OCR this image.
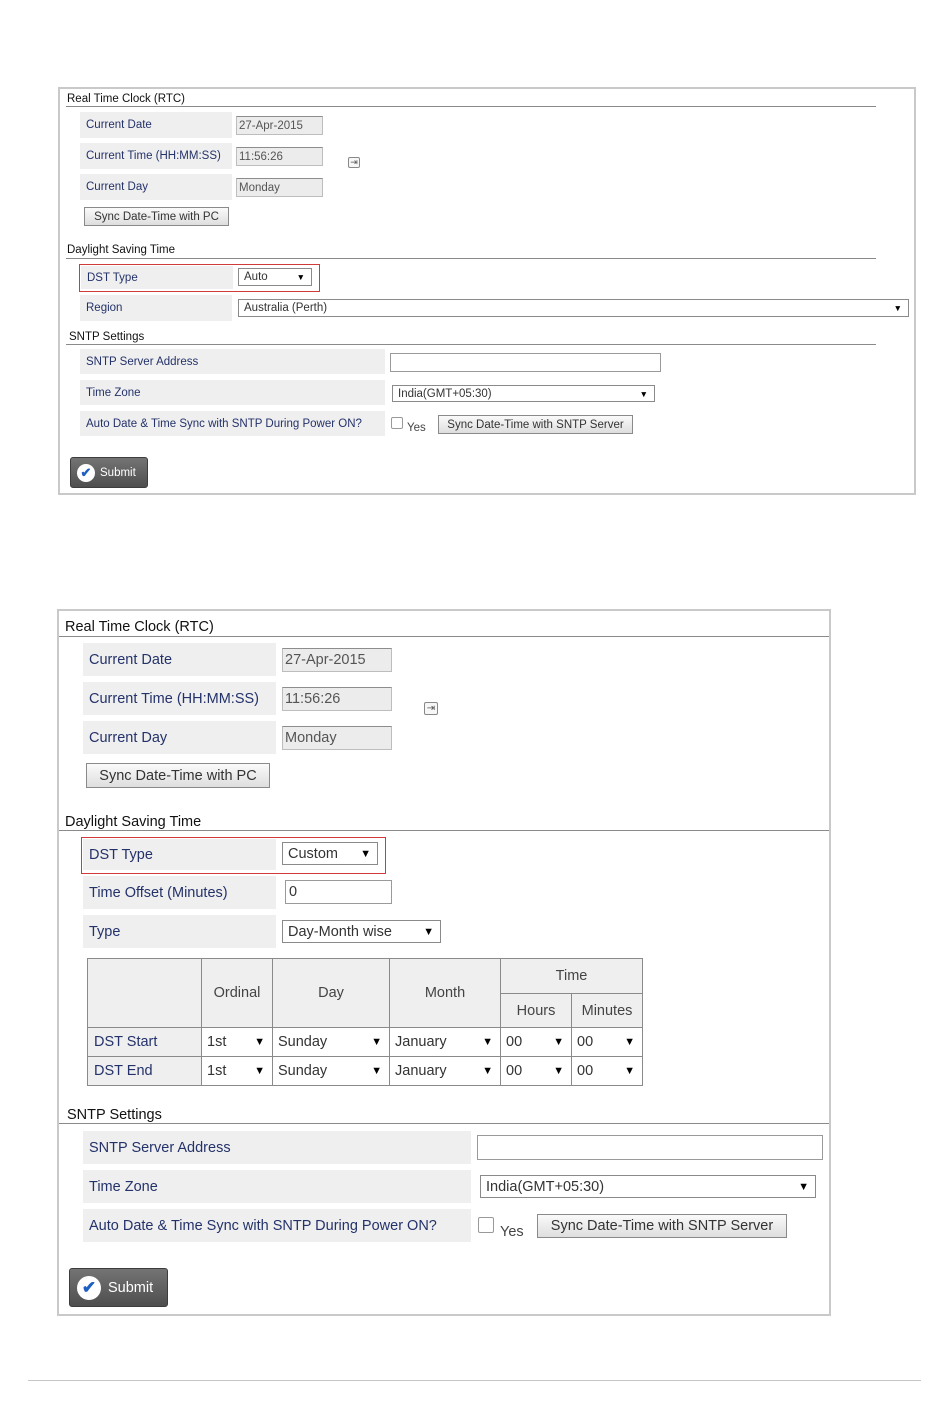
Real Time Clock (RTC)
Current Date	27-Apr-2015
Current Time (HH:MM:SS)	11:56:26	⇥
Current Day	Monday
Sync Date-Time with PC
Daylight Saving Time
DST Type	Auto	▼
Region	Australia (Perth)	▼
SNTP Settings
SNTP Server Address
Time Zone	India(GMT+05:30)	▼
Auto Date & Time Sync with SNTP During Power ON?	Yes	Sync Date-Time with SNTP Server
✔ Submit
Real Time Clock (RTC)
Current Date	27-Apr-2015
Current Time (HH:MM:SS)	11:56:26
⇥
Current Day	Monday
Sync Date-Time with PC
Daylight Saving Time
DST Type	Custom ▼
Time Offset (Minutes)	0
Type	Day-Month wise	▼
	Ordinal	Day	Month	Time	
				Hours	Minutes
DST Start	1st ▼	Sunday ▼	January ▼	00 ▼	00 ▼

DST End	1st ▼	Sunday ▼	January ▼	00 ▼	00 ▼
SNTP Settings
SNTP Server Address
Time Zone	India(GMT+05:30)	▼
Auto Date & Time Sync with SNTP During Power ON?	Yes	Sync Date-Time with SNTP Server
✔ Submit
